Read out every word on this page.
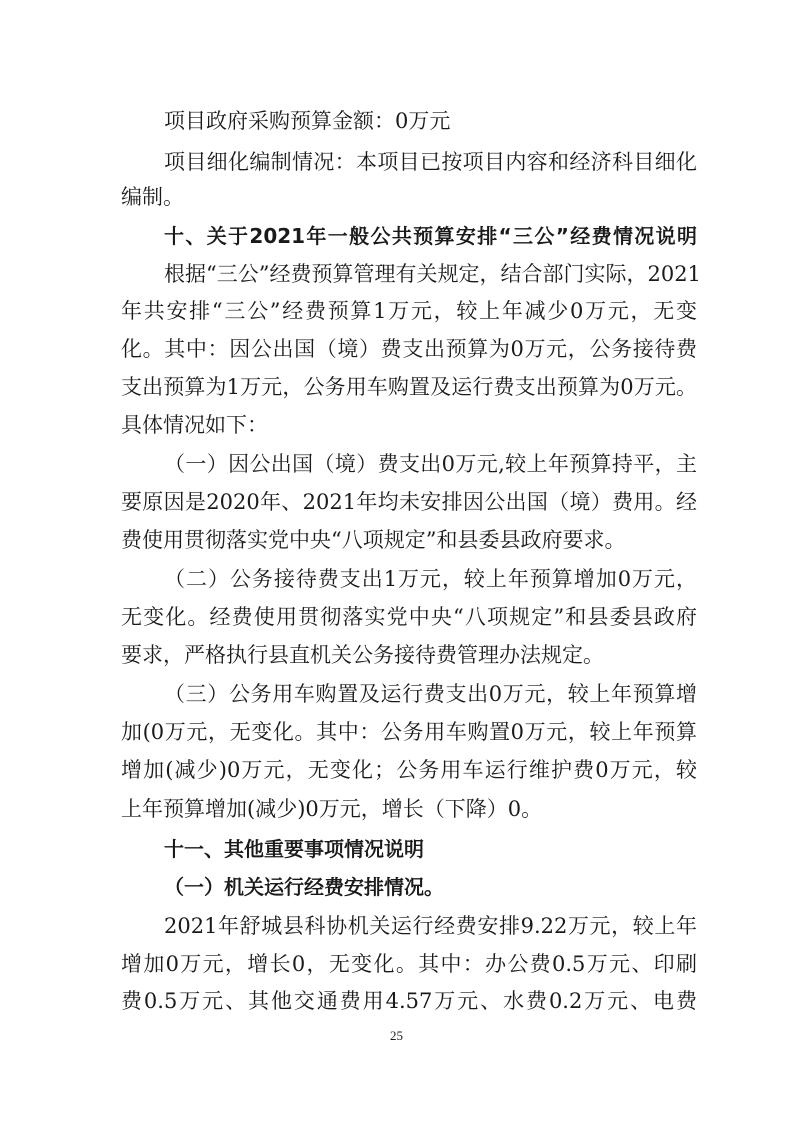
项目政府采购预算金额：0万元
项目细化编制情况：本项目已按项目内容和经济科目细化
编制。
十、关于2021年一般公共预算安排“三公”经费情况说明
根据“三公”经费预算管理有关规定，结合部门实际，2021
年共安排“三公”经费预算1万元，较上年减少0万元，无变
化。其中：因公出国（境）费支出预算为0万元，公务接待费
支出预算为1万元，公务用车购置及运行费支出预算为0万元。
具体情况如下：
（一）因公出国（境）费支出0万元,较上年预算持平，主
要原因是2020年、2021年均未安排因公出国（境）费用。经
费使用贯彻落实党中央“八项规定”和县委县政府要求。
（二）公务接待费支出1万元，较上年预算增加0万元，
无变化。经费使用贯彻落实党中央“八项规定”和县委县政府
要求，严格执行县直机关公务接待费管理办法规定。
（三）公务用车购置及运行费支出0万元，较上年预算增
加(0万元，无变化。其中：公务用车购置0万元，较上年预算
增加(减少)0万元，无变化；公务用车运行维护费0万元，较
上年预算增加(减少)0万元，增长（下降）0。
十一、其他重要事项情况说明
（一）机关运行经费安排情况。
2021年舒城县科协机关运行经费安排9.22万元，较上年
增加0万元，增长0，无变化。其中：办公费0.5万元、印刷
费0.5万元、其他交通费用4.57万元、水费0.2万元、电费
25
